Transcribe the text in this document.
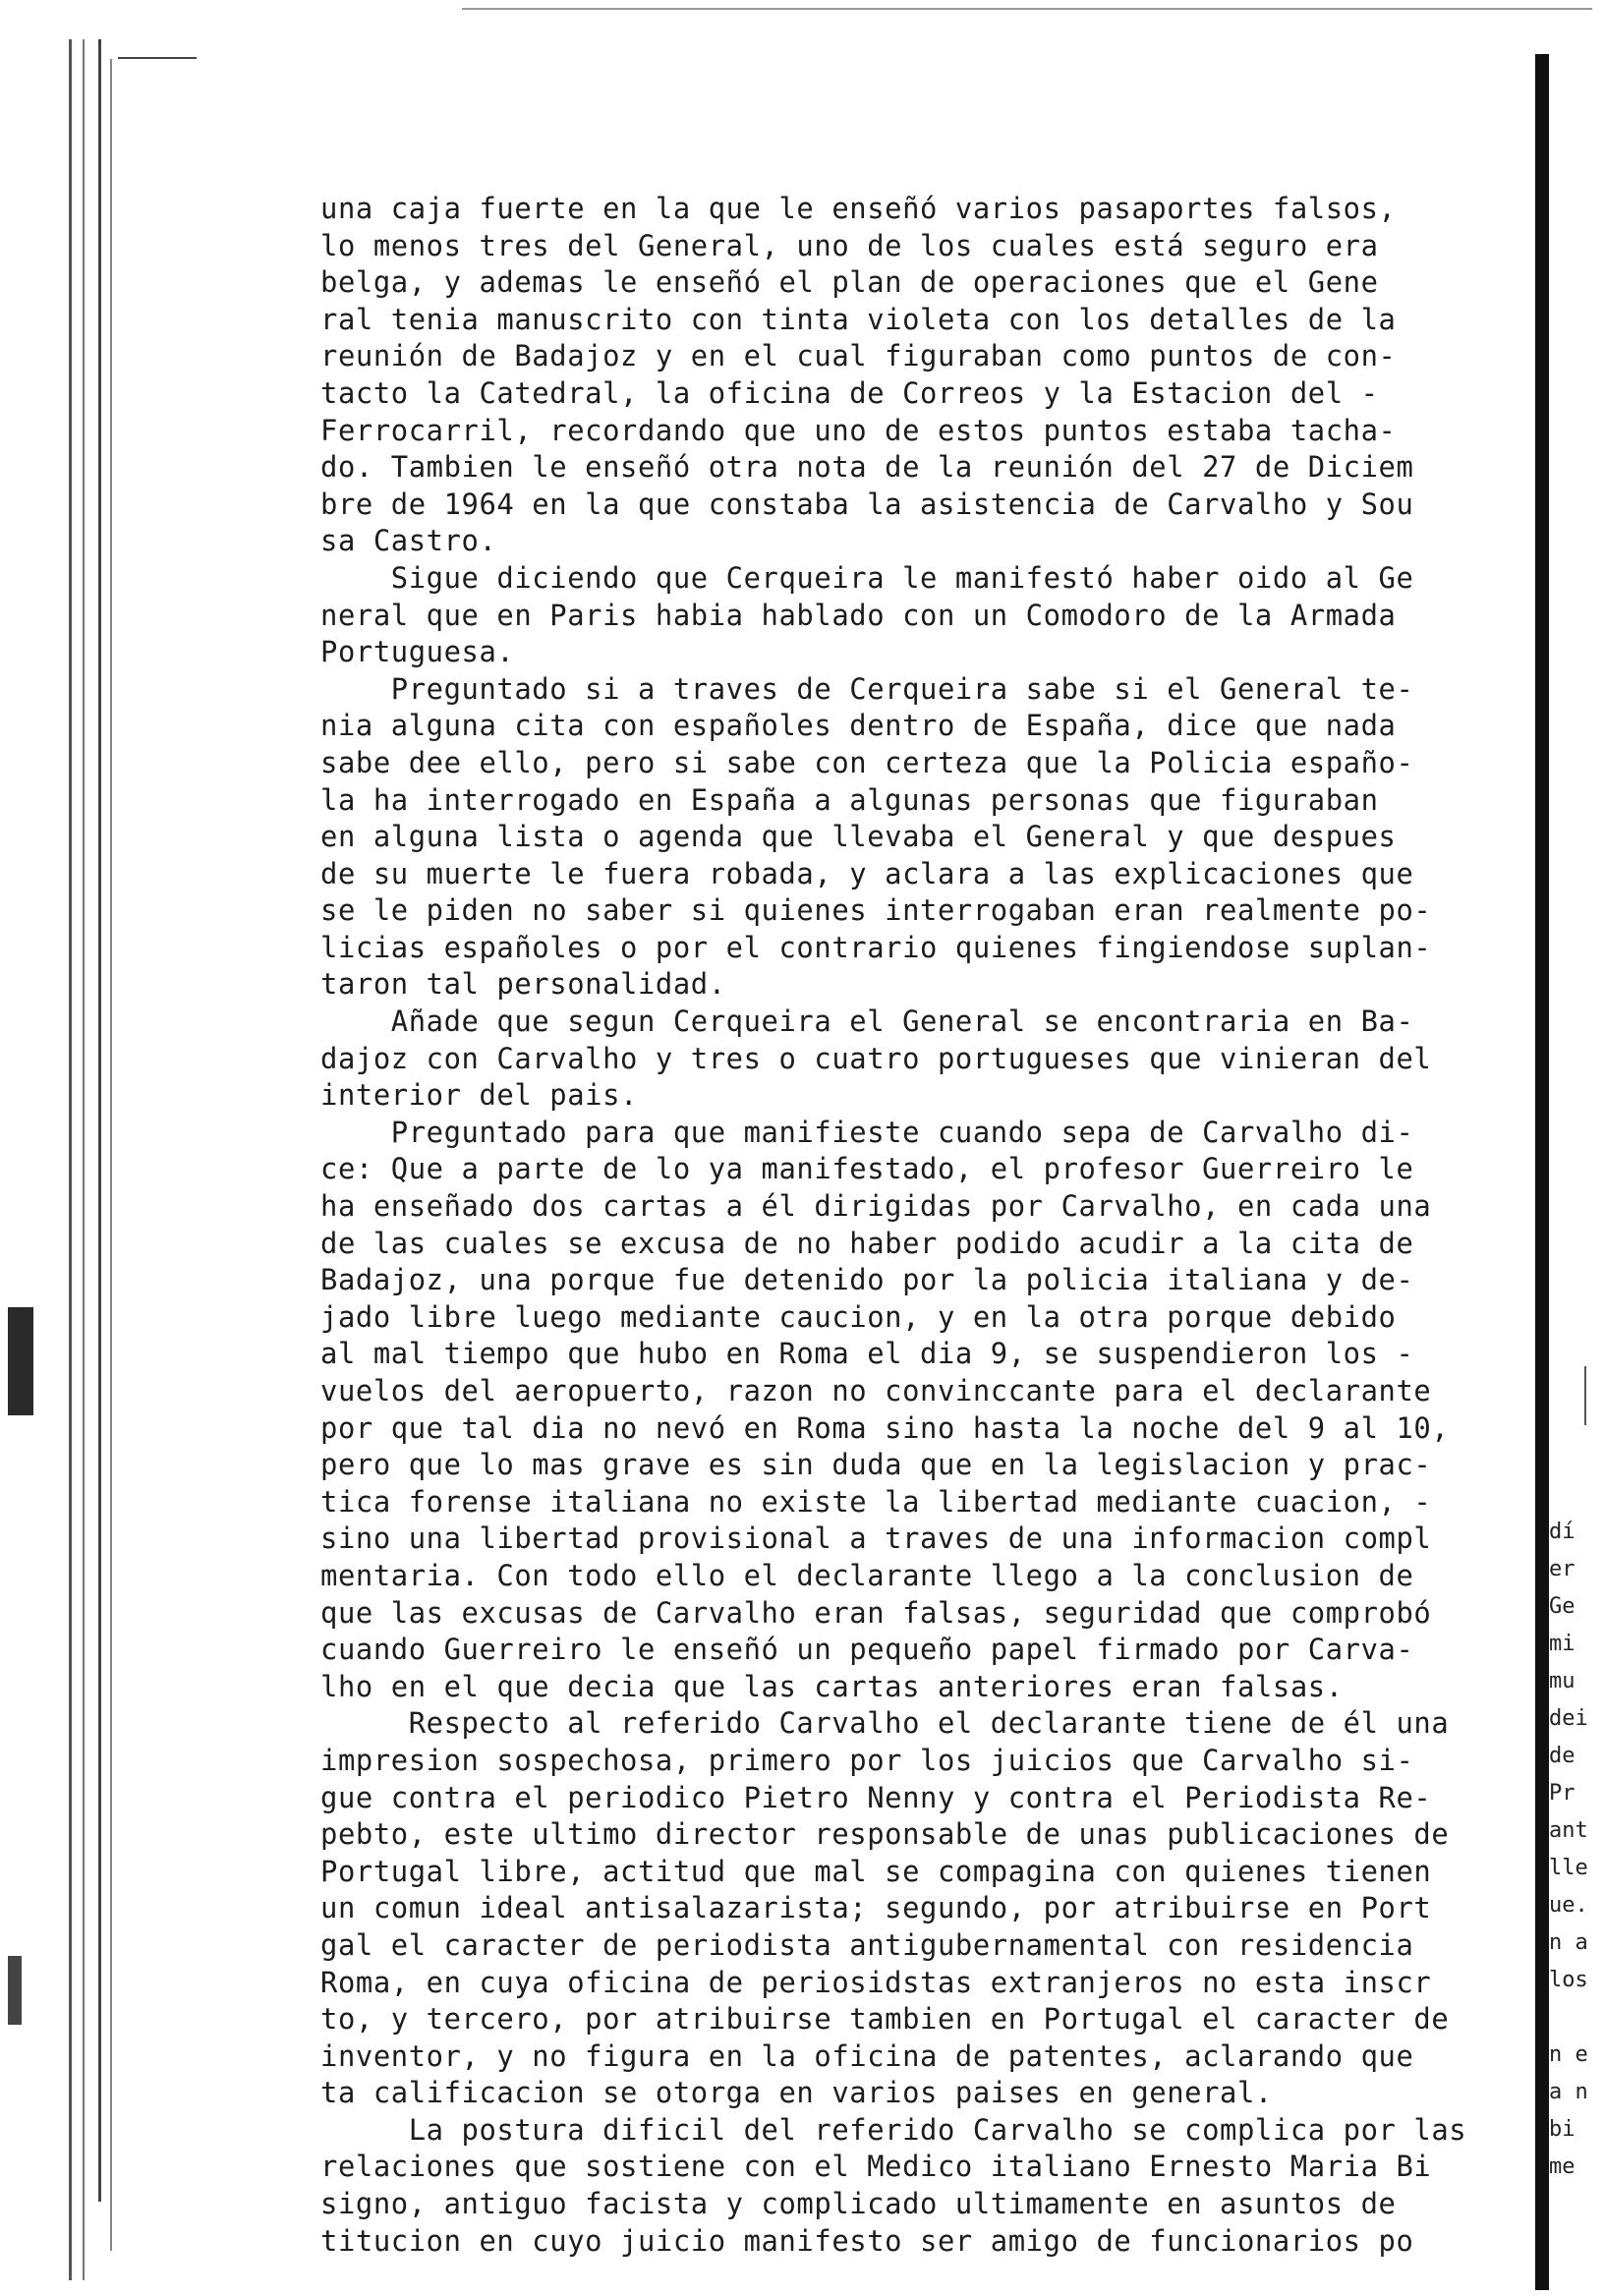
dí
er
Ge
mi
mu
dei
de
Pr
ant
lle
ue.
n a
los

n e
a n
bi
me
una caja fuerte en la que le enseñó varios pasaportes falsos,
lo menos tres del General, uno de los cuales está seguro era
belga, y ademas le enseñó el plan de operaciones que el Gene
ral tenia manuscrito con tinta violeta con los detalles de la
reunión de Badajoz y en el cual figuraban como puntos de con-
tacto la Catedral, la oficina de Correos y la Estacion del -
Ferrocarril, recordando que uno de estos puntos estaba tacha-
do. Tambien le enseñó otra nota de la reunión del 27 de Diciem
bre de 1964 en la que constaba la asistencia de Carvalho y Sou
sa Castro.
Sigue diciendo que Cerqueira le manifestó haber oido al Ge
neral que en Paris habia hablado con un Comodoro de la Armada
Portuguesa.
Preguntado si a traves de Cerqueira sabe si el General te-
nia alguna cita con españoles dentro de España, dice que nada
sabe dee ello, pero si sabe con certeza que la Policia españo-
la ha interrogado en España a algunas personas que figuraban
en alguna lista o agenda que llevaba el General y que despues
de su muerte le fuera robada, y aclara a las explicaciones que
se le piden no saber si quienes interrogaban eran realmente po-
licias españoles o por el contrario quienes fingiendose suplan-
taron tal personalidad.
Añade que segun Cerqueira el General se encontraria en Ba-
dajoz con Carvalho y tres o cuatro portugueses que vinieran del
interior del pais.
Preguntado para que manifieste cuando sepa de Carvalho di-
ce: Que a parte de lo ya manifestado, el profesor Guerreiro le
ha enseñado dos cartas a él dirigidas por Carvalho, en cada una
de las cuales se excusa de no haber podido acudir a la cita de
Badajoz, una porque fue detenido por la policia italiana y de-
jado libre luego mediante caucion, y en la otra porque debido
al mal tiempo que hubo en Roma el dia 9, se suspendieron los -
vuelos del aeropuerto, razon no convinccante para el declarante
por que tal dia no nevó en Roma sino hasta la noche del 9 al 10,
pero que lo mas grave es sin duda que en la legislacion y prac-
tica forense italiana no existe la libertad mediante cuacion, -
sino una libertad provisional a traves de una informacion compl
mentaria. Con todo ello el declarante llego a la conclusion de
que las excusas de Carvalho eran falsas, seguridad que comprobó
cuando Guerreiro le enseñó un pequeño papel firmado por Carva-
lho en el que decia que las cartas anteriores eran falsas.
Respecto al referido Carvalho el declarante tiene de él una
impresion sospechosa, primero por los juicios que Carvalho si-
gue contra el periodico Pietro Nenny y contra el Periodista Re-
pebto, este ultimo director responsable de unas publicaciones de
Portugal libre, actitud que mal se compagina con quienes tienen
un comun ideal antisalazarista; segundo, por atribuirse en Port
gal el caracter de periodista antigubernamental con residencia
Roma, en cuya oficina de periosidstas extranjeros no esta inscr
to, y tercero, por atribuirse tambien en Portugal el caracter de
inventor, y no figura en la oficina de patentes, aclarando que
ta calificacion se otorga en varios paises en general.
La postura dificil del referido Carvalho se complica por las
relaciones que sostiene con el Medico italiano Ernesto Maria Bi
signo, antiguo facista y complicado ultimamente en asuntos de
titucion en cuyo juicio manifesto ser amigo de funcionarios po
